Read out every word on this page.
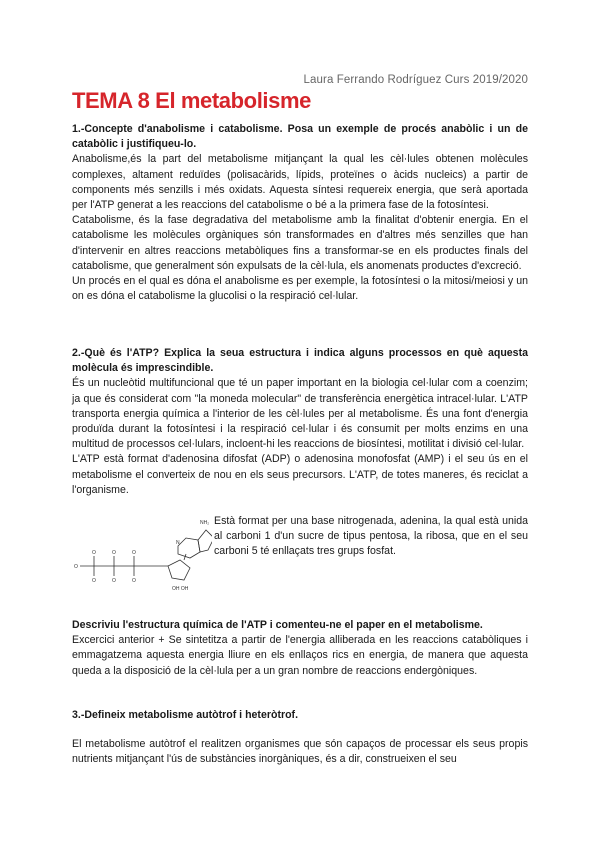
Laura Ferrando Rodríguez Curs 2019/2020
TEMA 8 El metabolisme

1.-Concepte d'anabolisme i catabolisme. Posa un exemple de procés anabòlic i un de catabòlic i justifiqueu-lo.

Anabolisme,és la part del metabolisme mitjançant la qual les cèl·lules obtenen molècules complexes, altament reduïdes (polisacàrids, lípids, proteïnes o àcids nucleics) a partir de components més senzills i més oxidats. Aquesta síntesi requereix energia, que serà aportada per l'ATP generat a les reaccions del catabolisme o bé a la primera fase de la fotosíntesi.

Catabolisme, és la fase degradativa del metabolisme amb la finalitat d'obtenir energia. En el catabolisme les molècules orgàniques són transformades en d'altres més senzilles que han d'intervenir en altres reaccions metabòliques fins a transformar-se en els productes finals del catabolisme, que generalment són expulsats de la cèl·lula, els anomenats productes d'excreció.

Un procés en el qual es dóna el anabolisme es per exemple, la fotosíntesi o la mitosi/meiosi y un on es dóna el catabolisme la glucolisi o la respiració cel·lular.

2.-Què és l'ATP? Explica la seua estructura i indica alguns processos en què aquesta molècula és imprescindible.

És un nucleòtid multifuncional que té un paper important en la biologia cel·lular com a coenzim; ja que és considerat com "la moneda molecular" de transferència energètica intracel·lular. L'ATP transporta energia química a l'interior de les cèl·lules per al metabolisme. És una font d'energia produïda durant la fotosíntesi i la respiració cel·lular i és consumit per molts enzims en una multitud de processos cel·lulars, incloent-hi les reaccions de biosíntesi, motilitat i divisió cel·lular.

L'ATP està format d'adenosina difosfat (ADP) o adenosina monofosfat (AMP) i el seu ús en el metabolisme el converteix de nou en els seus precursors. L'ATP, de totes maneres, és reciclat a l'organisme.

O
O	O	O
O	O	O
NH₂
N
OH OH

Està format per una base nitrogenada, adenina, la qual està unida al carboni 1 d'un sucre de tipus pentosa, la ribosa, que en el seu carboni 5 té enllaçats tres grups fosfat.

Descriviu l'estructura química de l'ATP i comenteu-ne el paper en el metabolisme.

Excercici anterior + Se sintetitza a partir de l'energia alliberada en les reaccions catabòliques i emmagatzema aquesta energia lliure en els enllaços rics en energia, de manera que aquesta queda a la disposició de la cèl·lula per a un gran nombre de reaccions endergòniques.

3.-Defineix metabolisme autòtrof i heteròtrof.

El metabolisme autòtrof el realitzen organismes que són capaços de processar els seus propis nutrients mitjançant l'ús de substàncies inorgàniques, és a dir, construeixen el seu
